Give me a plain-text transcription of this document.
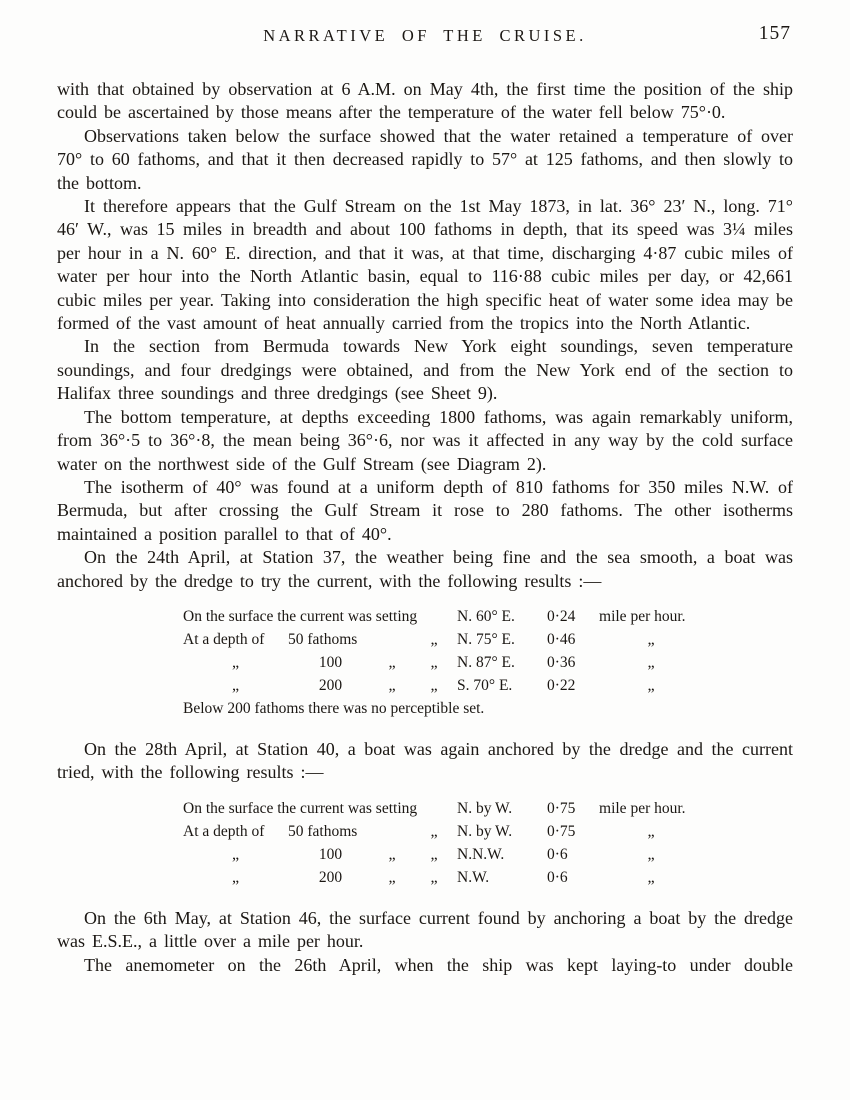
NARRATIVE OF THE CRUISE.	157

with that obtained by observation at 6 A.M. on May 4th, the first time the position of the ship could be ascertained by those means after the temperature of the water fell below 75°·0.

Observations taken below the surface showed that the water retained a temperature of over 70° to 60 fathoms, and that it then decreased rapidly to 57° at 125 fathoms, and then slowly to the bottom.

It therefore appears that the Gulf Stream on the 1st May 1873, in lat. 36° 23′ N., long. 71° 46′ W., was 15 miles in breadth and about 100 fathoms in depth, that its speed was 3¼ miles per hour in a N. 60° E. direction, and that it was, at that time, discharging 4·87 cubic miles of water per hour into the North Atlantic basin, equal to 116·88 cubic miles per day, or 42,661 cubic miles per year. Taking into consideration the high specific heat of water some idea may be formed of the vast amount of heat annually carried from the tropics into the North Atlantic.

In the section from Bermuda towards New York eight soundings, seven temperature soundings, and four dredgings were obtained, and from the New York end of the section to Halifax three soundings and three dredgings (see Sheet 9).

The bottom temperature, at depths exceeding 1800 fathoms, was again remarkably uniform, from 36°·5 to 36°·8, the mean being 36°·6, nor was it affected in any way by the cold surface water on the northwest side of the Gulf Stream (see Diagram 2).

The isotherm of 40° was found at a uniform depth of 810 fathoms for 350 miles N.W. of Bermuda, but after crossing the Gulf Stream it rose to 280 fathoms. The other isotherms maintained a position parallel to that of 40°.

On the 24th April, at Station 37, the weather being fine and the sea smooth, a boat was anchored by the dredge to try the current, with the following results :—

On the surface the current was setting				N. 60° E.	0·24	mile per hour.
At a depth of	50 fathoms		„	N. 75° E.	0·46	„
„	100	„	„	N. 87° E.	0·36	„
„	200	„	„	S. 70° E.	0·22	„
Below 200 fathoms there was no perceptible set.						

On the 28th April, at Station 40, a boat was again anchored by the dredge and the current tried, with the following results :—

On the surface the current was setting				N. by W.	0·75	mile per hour.
At a depth of	50 fathoms		„	N. by W.	0·75	„
„	100	„	„	N.N.W.	0·6	„
„	200	„	„	N.W.	0·6	„

On the 6th May, at Station 46, the surface current found by anchoring a boat by the dredge was E.S.E., a little over a mile per hour.

The anemometer on the 26th April, when the ship was kept laying-to under double
